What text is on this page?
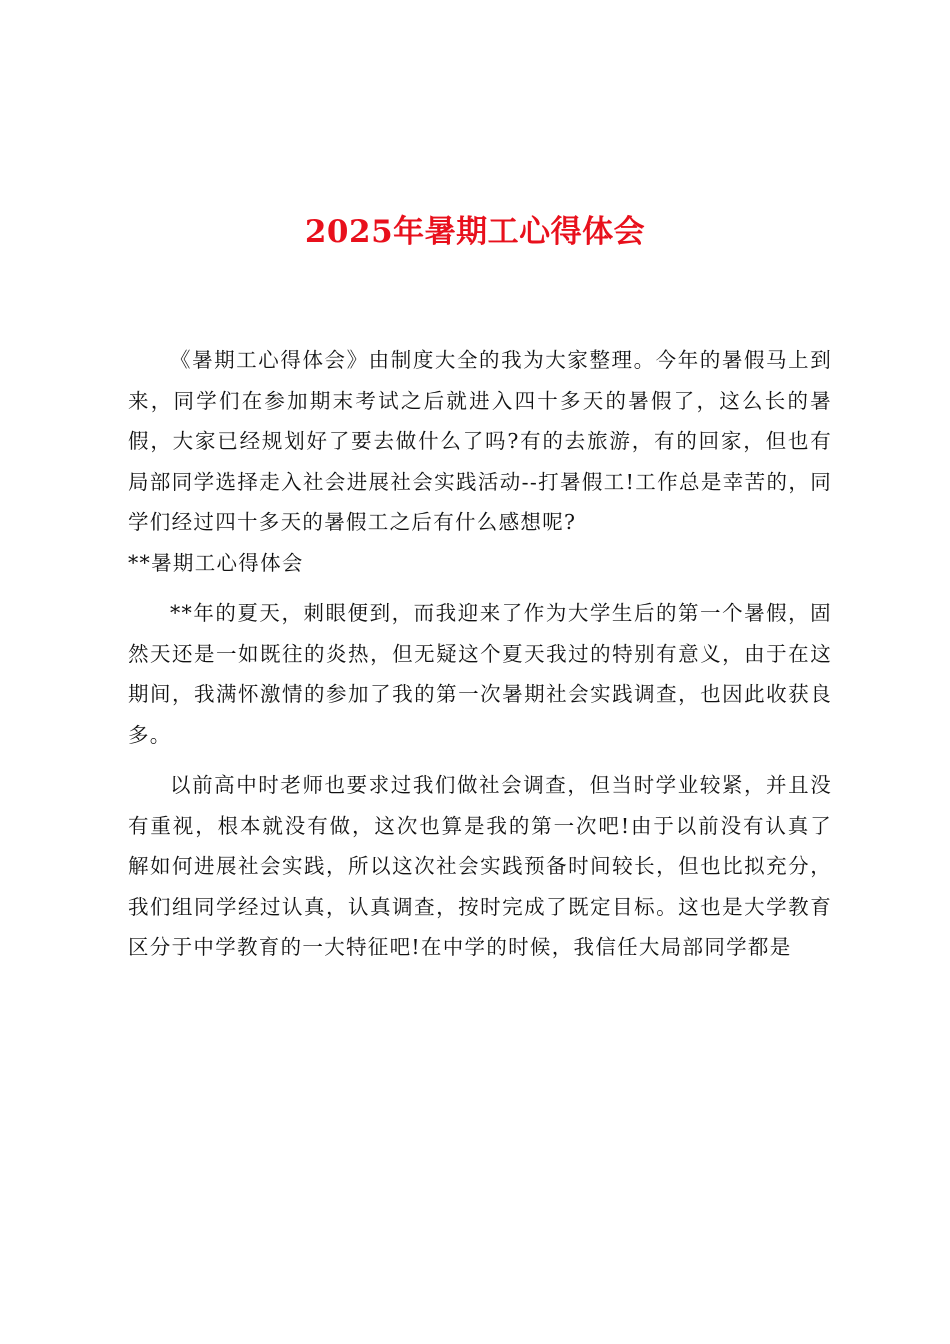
2025年暑期工心得体会

《暑期工心得体会》由制度大全的我为大家整理。今年的暑假马上到来，同学们在参加期末考试之后就进入四十多天的暑假了，这么长的暑假，大家已经规划好了要去做什么了吗?有的去旅游，有的回家，但也有局部同学选择走入社会进展社会实践活动--打暑假工!工作总是幸苦的，同学们经过四十多天的暑假工之后有什么感想呢?

**暑期工心得体会

**年的夏天，刺眼便到，而我迎来了作为大学生后的第一个暑假，固然天还是一如既往的炎热，但无疑这个夏天我过的特别有意义，由于在这期间，我满怀激情的参加了我的第一次暑期社会实践调查，也因此收获良多。

以前高中时老师也要求过我们做社会调查，但当时学业较紧，并且没有重视，根本就没有做，这次也算是我的第一次吧!由于以前没有认真了解如何进展社会实践，所以这次社会实践预备时间较长，但也比拟充分，我们组同学经过认真，认真调查，按时完成了既定目标。这也是大学教育区分于中学教育的一大特征吧!在中学的时候，我信任大局部同学都是
